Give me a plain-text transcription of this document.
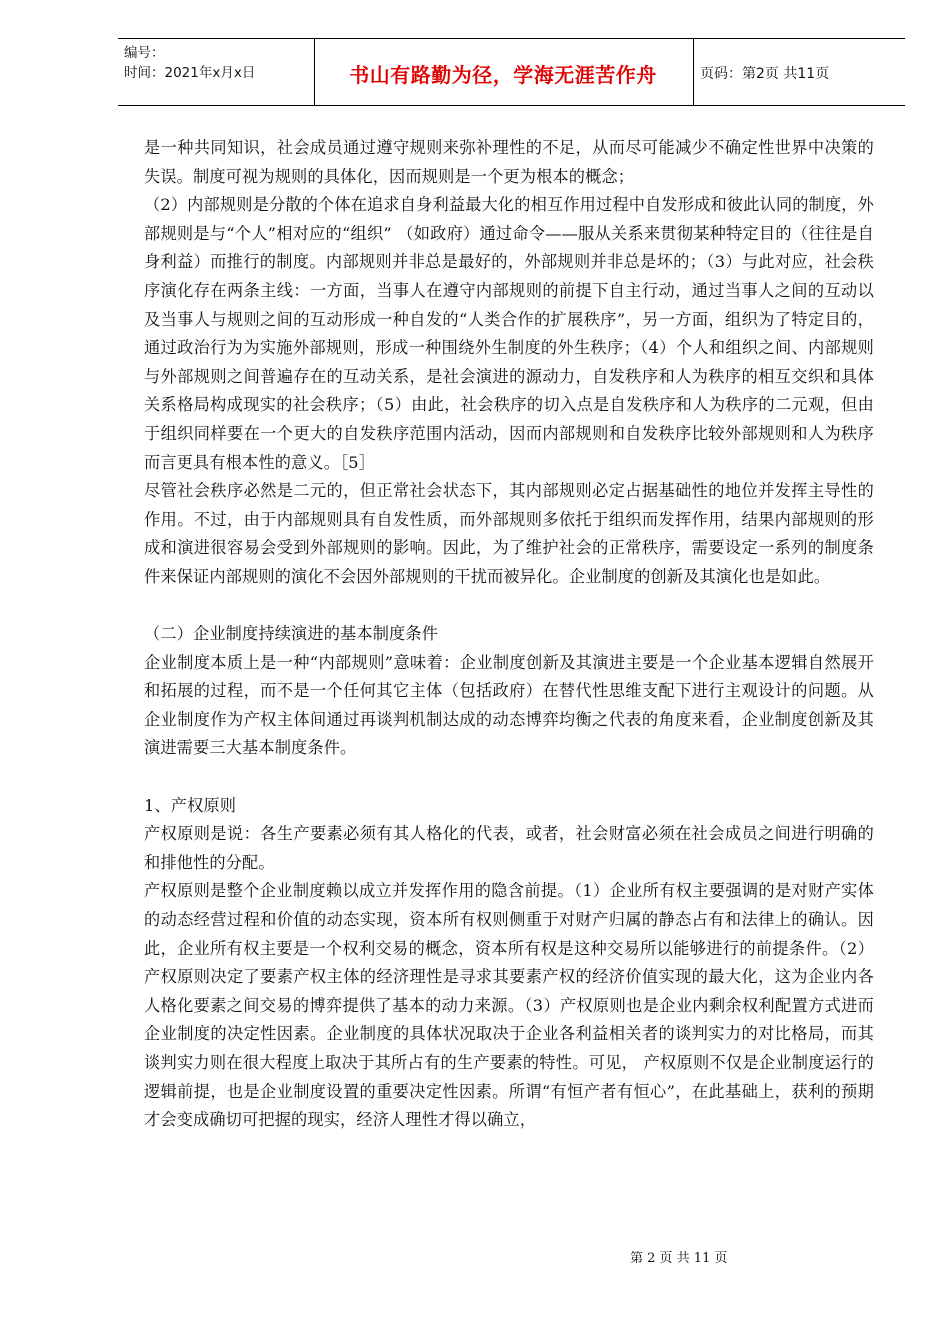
编号：
时间：2021年x月x日	书山有路勤为径，学海无涯苦作舟	页码：第2页 共11页

是一种共同知识，社会成员通过遵守规则来弥补理性的不足，从而尽可能减少不确定性世界中决策的失误。制度可视为规则的具体化，因而规则是一个更为根本的概念；

（2）内部规则是分散的个体在追求自身利益最大化的相互作用过程中自发形成和彼此认同的制度，外部规则是与“个人”相对应的“组织” （如政府）通过命令——服从关系来贯彻某种特定目的（往往是自身利益）而推行的制度。内部规则并非总是最好的，外部规则并非总是坏的；（3）与此对应，社会秩序演化存在两条主线：一方面，当事人在遵守内部规则的前提下自主行动，通过当事人之间的互动以及当事人与规则之间的互动形成一种自发的“人类合作的扩展秩序”，另一方面，组织为了特定目的，通过政治行为为实施外部规则，形成一种围绕外生制度的外生秩序；（4）个人和组织之间、内部规则与外部规则之间普遍存在的互动关系，是社会演进的源动力，自发秩序和人为秩序的相互交织和具体关系格局构成现实的社会秩序；（5）由此，社会秩序的切入点是自发秩序和人为秩序的二元观，但由于组织同样要在一个更大的自发秩序范围内活动，因而内部规则和自发秩序比较外部规则和人为秩序而言更具有根本性的意义。［5］

尽管社会秩序必然是二元的，但正常社会状态下，其内部规则必定占据基础性的地位并发挥主导性的作用。不过，由于内部规则具有自发性质，而外部规则多依托于组织而发挥作用，结果内部规则的形成和演进很容易会受到外部规则的影响。因此，为了维护社会的正常秩序，需要设定一系列的制度条件来保证内部规则的演化不会因外部规则的干扰而被异化。企业制度的创新及其演化也是如此。

（二）企业制度持续演进的基本制度条件

企业制度本质上是一种“内部规则”意味着：企业制度创新及其演进主要是一个企业基本逻辑自然展开和拓展的过程，而不是一个任何其它主体（包括政府）在替代性思维支配下进行主观设计的问题。从企业制度作为产权主体间通过再谈判机制达成的动态博弈均衡之代表的角度来看，企业制度创新及其演进需要三大基本制度条件。

1、产权原则

产权原则是说：各生产要素必须有其人格化的代表，或者，社会财富必须在社会成员之间进行明确的和排他性的分配。

产权原则是整个企业制度赖以成立并发挥作用的隐含前提。（1）企业所有权主要强调的是对财产实体的动态经营过程和价值的动态实现，资本所有权则侧重于对财产归属的静态占有和法律上的确认。因此，企业所有权主要是一个权利交易的概念，资本所有权是这种交易所以能够进行的前提条件。（2）产权原则决定了要素产权主体的经济理性是寻求其要素产权的经济价值实现的最大化，这为企业内各人格化要素之间交易的博弈提供了基本的动力来源。（3）产权原则也是企业内剩余权利配置方式进而企业制度的决定性因素。企业制度的具体状况取决于企业各利益相关者的谈判实力的对比格局，而其谈判实力则在很大程度上取决于其所占有的生产要素的特性。可见， 产权原则不仅是企业制度运行的逻辑前提，也是企业制度设置的重要决定性因素。所谓“有恒产者有恒心”，在此基础上，获利的预期才会变成确切可把握的现实，经济人理性才得以确立，

第 2 页 共 11 页
